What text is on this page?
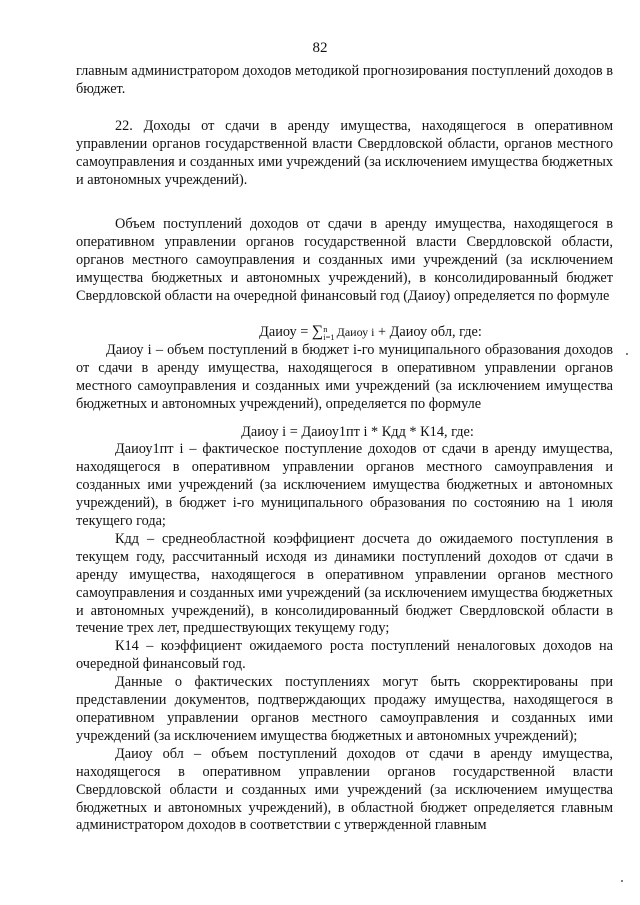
82

главным администратором доходов методикой прогнозирования поступлений доходов в бюджет.

22. Доходы от сдачи в аренду имущества, находящегося в оперативном управлении органов государственной власти Свердловской области, органов местного самоуправления и созданных ими учреждений (за исключением имущества бюджетных и автономных учреждений).

Объем поступлений доходов от сдачи в аренду имущества, находящегося в оперативном управлении органов государственной власти Свердловской области, органов местного самоуправления и созданных ими учреждений (за исключением имущества бюджетных и автономных учреждений), в консолидированный бюджет Свердловской области на очередной финансовый год (Даиоу) определяется по формуле

Даиоу = ∑ n
i=1 Даиоу i + Даиоу обл, где:

Даиоу i – объем поступлений в бюджет i-го муниципального образования доходов от сдачи в аренду имущества, находящегося в оперативном управлении органов местного самоуправления и созданных ими учреждений (за исключением имущества бюджетных и автономных учреждений), определяется по формуле

Даиоу i = Даиоу1пт i * Кдд * К14, где:

Даиоу1пт i – фактическое поступление доходов от сдачи в аренду имущества, находящегося в оперативном управлении органов местного самоуправления и созданных ими учреждений (за исключением имущества бюджетных и автономных учреждений), в бюджет i-го муниципального образования по состоянию на 1 июля текущего года;

Кдд – среднеобластной коэффициент досчета до ожидаемого поступления в текущем году, рассчитанный исходя из динамики поступлений доходов от сдачи в аренду имущества, находящегося в оперативном управлении органов местного самоуправления и созданных ими учреждений (за исключением имущества бюджетных и автономных учреждений), в консолидированный бюджет Свердловской области в течение трех лет, предшествующих текущему году;

К14 – коэффициент ожидаемого роста поступлений неналоговых доходов на очередной финансовый год.

Данные о фактических поступлениях могут быть скорректированы при представлении документов, подтверждающих продажу имущества, находящегося в оперативном управлении органов местного самоуправления и созданных ими учреждений (за исключением имущества бюджетных и автономных учреждений);

Даиоу обл – объем поступлений доходов от сдачи в аренду имущества, находящегося в оперативном управлении органов государственной власти Свердловской области и созданных ими учреждений (за исключением имущества бюджетных и автономных учреждений), в областной бюджет определяется главным администратором доходов в соответствии с утвержденной главным
